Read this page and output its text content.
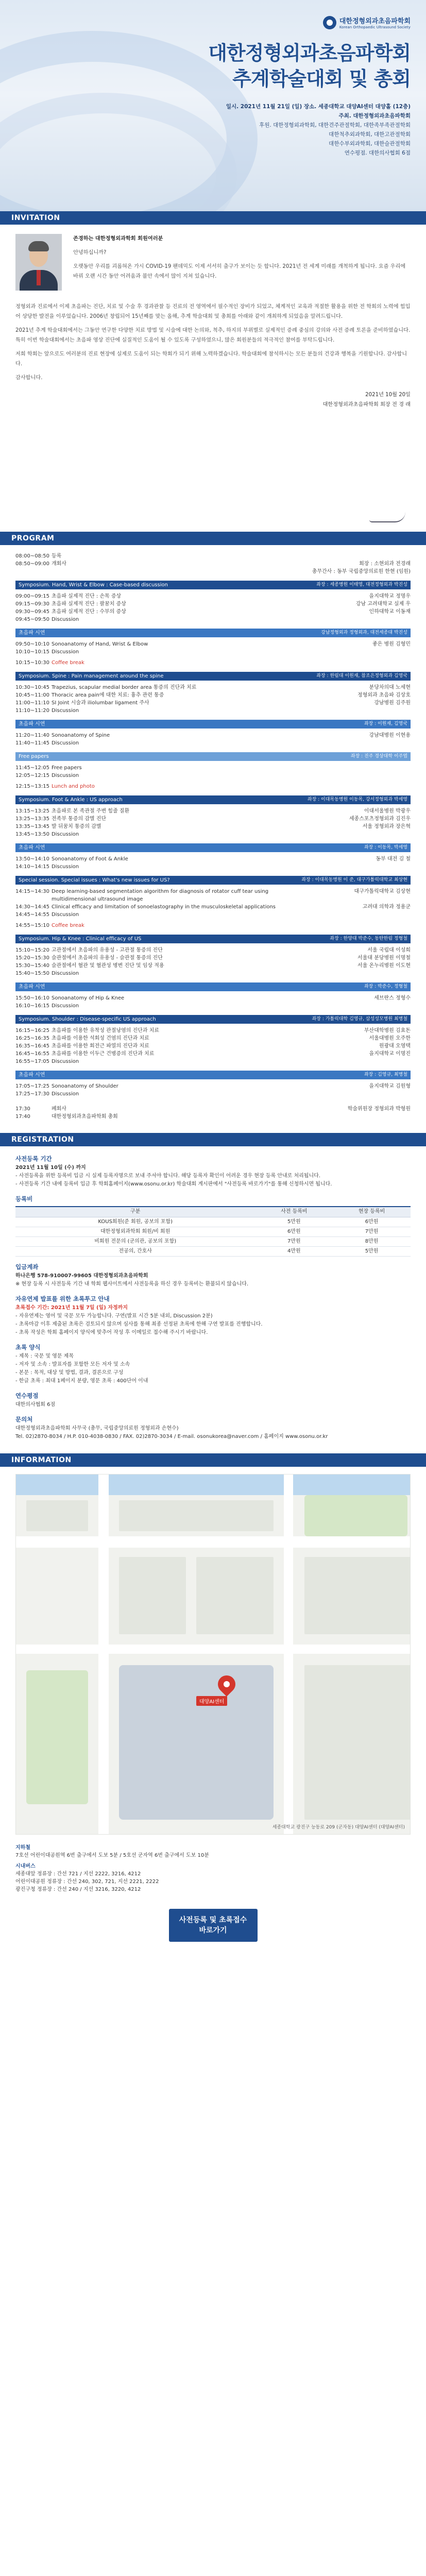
대한정형외과초음파학회
Korean Orthopaedic Ultrasound Society
대한정형외과초음파학회
추계학술대회 및 총회
일시. 2021년 11월 21일 (일) 장소. 세종대학교 대양AI센터 대양홀 (12층)
주최. 대한정형외과초음파학회
후원. 대한정형외과학회, 대한견주관절학회, 대한족부족관절학회
대한척추외과학회, 대한고관절학회
대한수부외과학회, 대한슬관절학회
연수평점. 대한의사협회 6점
INVITATION
존경하는 대한정형외과학회 회원여러분
안녕하십니까?

오랫동안 우리를 괴롭혀온 가시 COVID-19 팬데믹도 이제 서서히 출구가 보이는 듯 합니다. 2021년 전 세계 미래를 개척하게 됩니다. 요즘 우리에 바꿔 오랜 시간 동안 어려움과 불안 속에서 많이 지쳐 있습니다.

정형외과 진료에서 이제 초음파는 진단, 치료 및 수술 후 경과관찰 등 진료의 전 영역에서 필수적인 장비가 되었고, 체계적인 교육과 적절한 활용을 위한 전 학회의 노력에 힘입어 상당한 발전을 이루었습니다. 2006년 창립되어 15년째를 맞는 올해, 추계 학술대회 및 총회를 아래와 같이 개최하게 되었음을 알려드립니다.

2021년 추계 학술대회에서는 그동안 연구한 다양한 치료 방법 및 시술에 대한 논의와, 척추, 하지의 부위별로 실제적인 증례 중심의 강의와 사전 증례 토론을 준비하였습니다. 특히 이번 학술대회에서는 초음파 영상 진단에 실질적인 도움이 될 수 있도록 구성하였으니, 많은 회원분들의 적극적인 참여를 부탁드립니다.

저희 학회는 앞으로도 여러분의 진료 현장에 실제로 도움이 되는 학회가 되기 위해 노력하겠습니다. 학술대회에 참석하시는 모든 분들의 건강과 행복을 기원합니다. 감사합니다.

감사합니다.

2021년 10월 20일
대한정형외과초음파학회 회장 전 경 래
PROGRAM
08:00~08:50 등록
08:50~09:00 개회사	회장 : 소현외과 전경래
총무간사 : 동부 국립중앙의료원 한현 (임원)
Symposium. Hand, Wrist & Elbow : Case-based discussion	좌장 : 세종병원 이태영, 대전정형외과 박진성
09:00~09:15 초음파 실제적 진단 : 손목 증상	을지대학교 정명우
09:15~09:30 초음파 실제적 진단 : 팔꿈치 증상	강남 고려대학교 실제 우
09:30~09:45 초음파 실제적 진단 : 수부의 증상	인하대학교 이동재
09:45~09:50 Discussion
초음파 시연	강남정형외과 정형외과, 대전세종대 박진성
09:50~10:10 Sonoanatomy of Hand, Wrist & Elbow	좋은 병원 김형민
10:10~10:15 Discussion
10:15~10:30 Coffee break
Symposium. Spine : Pain management around the spine	좌장 : 한림대 이원재, 참조은정형외과 김영국
10:30~10:45 Trapezius, scapular medial border area 통증의 진단과 치료	분당차의대 노세현
10:45~11:00 Thoracic area pain에 대한 치료: 흉추 관련 통증	정형외과 초음파 김상호
11:00~11:10 SI Joint 시술과 iliolumbar ligament 주사	강남병원 김주원
11:10~11:20 Discussion
초음파 시연	좌장 : 이원재, 김영국
11:20~11:40 Sonoanatomy of Spine	강남대병원 이현용
11:40~11:45 Discussion
Free papers	좌장 : 진주 경상대학 이주엽
11:45~12:05 Free papers
12:05~12:15 Discussion
12:15~13:15 Lunch and photo
Symposium. Foot & Ankle : US approach	좌장 : 이대목동병원 이동목, 강서정형외과 박세영
13:15~13:25 초음파로 본 족관절 주변 힘줄 질환	이대서울병원 박광우
13:25~13:35 전족부 통증의 감별 진단	세종스포츠정형외과 김진우
13:35~13:45 발 뒤꿈치 통증의 감별	서울 정형외과 장은혁
13:45~13:50 Discussion
초음파 시연	좌장 : 이동목, 박세영
13:50~14:10 Sonoanatomy of Foot & Ankle	동부 대전 김 철
14:10~14:15 Discussion
Special session. Special issues : What's new issues for US?	좌장 : 이대목동병원 이 준, 대구가톨릭대학교 최상현
14:15~14:30 Deep learning-based segmentation algorithm for diagnosis of rotator cuff tear using multidimensional ultrasound image
대구가톨릭대학교 김상현
14:30~14:45 Clinical efficacy and limitation of sonoelastography in the musculoskeletal applications	고려대 의학과 정용군
14:45~14:55 Discussion
14:55~15:10 Coffee break
Symposium. Hip & Knee : Clinical efficacy of US	좌장 : 한양대 박준수, 동탄한림 정형철
15:10~15:20 고관절에서 초음파의 유용성 - 고관절 통증의 진단	서울 국립대 이성희
15:20~15:30 슬관절에서 초음파의 유용성 - 슬관절 통증의 진단	서울대 분당병원 이명철
15:30~15:40 슬관절에서 혈관 및 혈관성 병변 진단 및 임상 적용	서울 온누리병원 이도현
15:40~15:50 Discussion
초음파 시연	좌장 : 박준수, 정형철
15:50~16:10 Sonoanatomy of Hip & Knee	세브란스 정형수
16:10~16:15 Discussion
Symposium. Shoulder : Disease-specific US approach	좌장 : 가톨릭대학 김영규, 삼성성모병원 최병철
16:15~16:25 초음파를 이용한 유착성 관절낭염의 진단과 치료	부산대학병원 김효돈
16:25~16:35 초음파를 이용한 석회성 건염의 진단과 치료	서울대병원 오주한
16:35~16:45 초음파를 이용한 회전근 파열의 진단과 치료	원광대 오영택
16:45~16:55 초음파를 이용한 이두근 건병증의 진단과 치료	을지대학교 이명진
16:55~17:05 Discussion
초음파 시연	좌장 : 김영규, 최병철
17:05~17:25 Sonoanatomy of Shoulder	을지대학교 김원형
17:25~17:30 Discussion
17:30	폐회사	학술위원장 정형외과 박형원
17:40	대한정형외과초음파학회 총회
REGISTRATION
사전등록 기간

2021년 11월 10일 (수) 까지

- 사전등록을 위한 등록비 입금 시 실제 등록자명으로 보내 주셔야 합니다. 해당 등록자 확인이 어려운 경우 현장 등록 안내로 처리됩니다.

- 사전등록 기간 내에 등록비 입금 후 학회홈페이지(www.osonu.or.kr) 학술대회 게시판에서 "사전등록 바로가기"를 통해 신청하시면 됩니다.

등록비
구분	사전 등록비	현장 등록비
KOUS회원(준 회원, 공보의 포함)	5만원	6만원
대한정형외과학회 회원/비 회원	6만원	7만원
비회원 전문의 (군의관, 공보의 포함)	7만원	8만원
전공의, 간호사	4만원	5만원
입금계좌

하나은행 578-910007-99605 대한정형외과초음파학회

※ 현장 등록 시 사전등록 기간 내 학회 웹사이트에서 사전등록을 하신 경우 등록비는 환불되지 않습니다.

자유연제 발표를 위한 초록투고 안내

초록접수 기간: 2021년 11월 7일 (일) 자정까지

- 자유연제는 영어 및 국문 모두 가능합니다. 구연(발표 시간 5분 내외, Discussion 2분)

- 초록마감 이후 제출된 초록은 검토되지 않으며 심사를 통해 최종 선정된 초록에 한해 구연 발표를 진행합니다.

- 초록 작성은 학회 홈페이지 양식에 맞추어 작성 후 이메일로 접수해 주시기 바랍니다.

초록 양식

- 제목 : 국문 및 영문 제목

- 저자 및 소속 : 발표자를 포함한 모든 저자 및 소속

- 본문 : 목적, 대상 및 방법, 결과, 결론으로 구성

- 한글 초록 : 최대 1페이지 분량, 영문 초록 : 400단어 이내

연수평점

대한의사협회 6점

문의처

대한정형외과초음파학회 사무국 (총무, 국립중앙의료원 정형외과 손현수)

Tel. 02)2870-8034 / H.P. 010-4038-0830 / FAX. 02)2870-3034 / E-mail. osonukorea@naver.com / 홈페이지 www.osonu.or.kr

INFORMATION
대양AI센터
세종대학교 광진구 능동로 209 (군자동) 대양AI센터 (대양AI센터)
지하철
7호선 어린이대공원역 6번 출구에서 도보 5분 / 5호선 군자역 6번 출구에서 도보 10분
시내버스
세종대앞 정류장 : 간선 721 / 지선 2222, 3216, 4212
어린이대공원 정류장 : 간선 240, 302, 721, 지선 2221, 2222
광진구청 정류장 : 간선 240 / 지선 3216, 3220, 4212
사전등록 및 초록접수
바로가기
